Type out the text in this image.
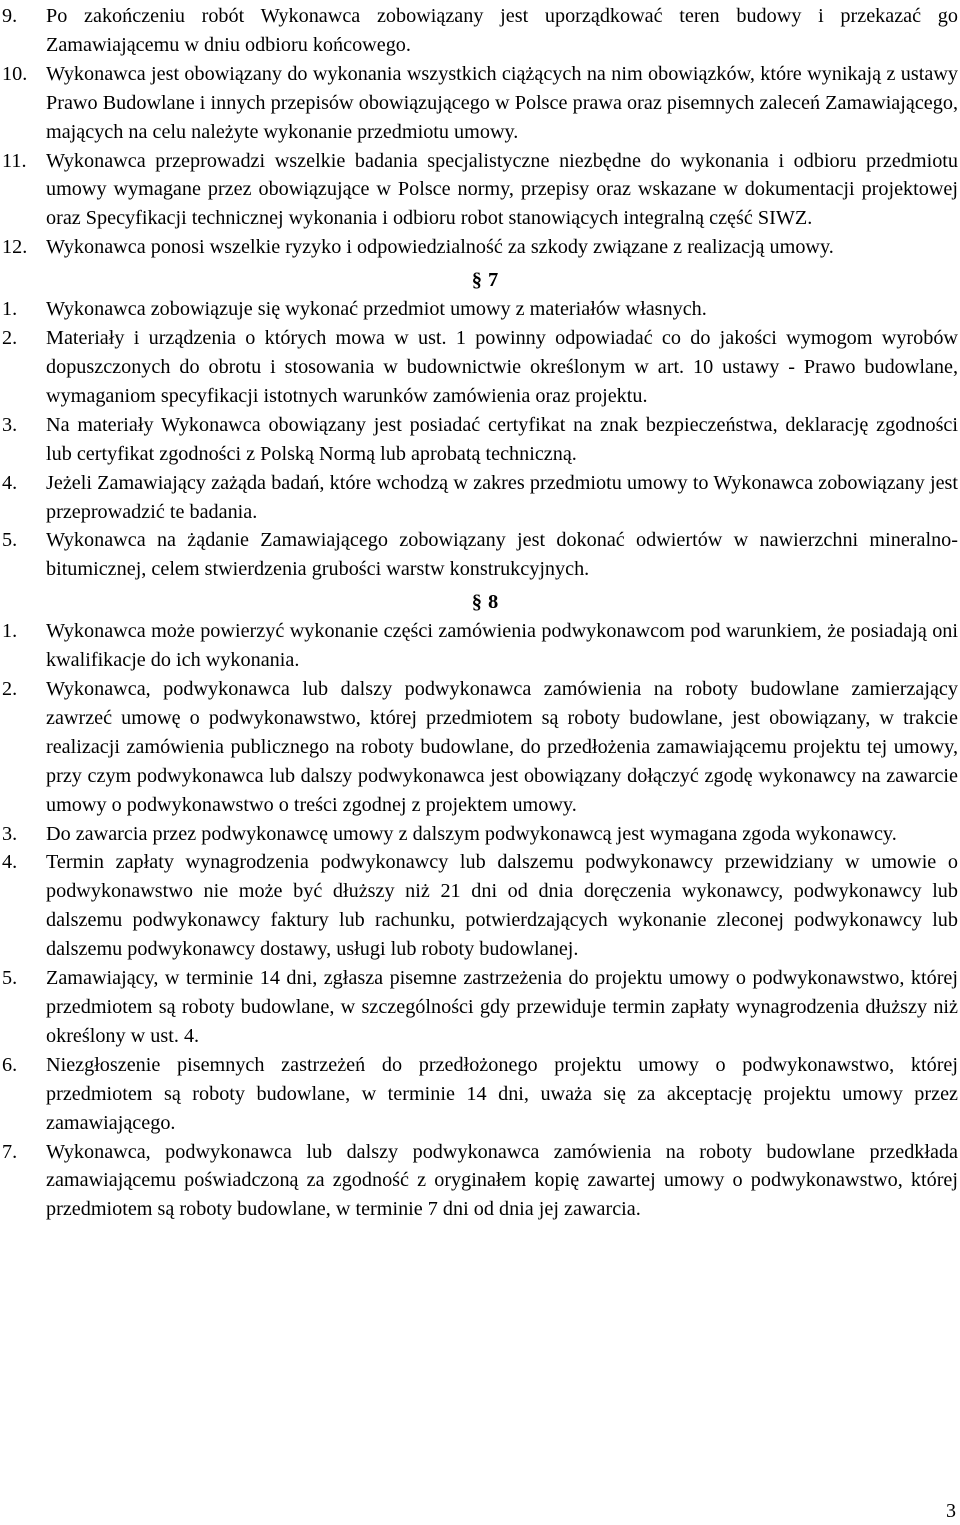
9.	Po zakończeniu robót Wykonawca zobowiązany jest uporządkować teren budowy i przekazać go Zamawiającemu w dniu odbioru końcowego.
10. Wykonawca jest obowiązany do wykonania wszystkich ciążących na nim obowiązków, które wynikają z ustawy Prawo Budowlane i innych przepisów obowiązującego w Polsce prawa oraz pisemnych zaleceń Zamawiającego, mających na celu należyte wykonanie przedmiotu umowy.
11. Wykonawca przeprowadzi wszelkie badania specjalistyczne niezbędne do wykonania i odbioru przedmiotu umowy wymagane przez obowiązujące w Polsce normy, przepisy oraz wskazane w dokumentacji projektowej oraz Specyfikacji technicznej wykonania i odbioru robot stanowiących integralną część SIWZ.
12. Wykonawca ponosi wszelkie ryzyko i odpowiedzialność za szkody związane z realizacją umowy.
§ 7
1.	Wykonawca zobowiązuje się wykonać przedmiot umowy z materiałów własnych.
2.	Materiały i urządzenia o których mowa w ust. 1 powinny odpowiadać co do jakości wymogom wyrobów dopuszczonych do obrotu i stosowania w budownictwie określonym w art. 10 ustawy - Prawo budowlane, wymaganiom specyfikacji istotnych warunków zamówienia oraz projektu.
3.	Na materiały Wykonawca obowiązany jest posiadać certyfikat na znak bezpieczeństwa, deklarację zgodności lub certyfikat zgodności z Polską Normą lub aprobatą techniczną.
4.	Jeżeli Zamawiający zażąda badań, które wchodzą w zakres przedmiotu umowy to Wykonawca zobowiązany jest przeprowadzić te badania.
5.	Wykonawca na żądanie Zamawiającego zobowiązany jest dokonać odwiertów w nawierzchni mineralno-bitumicznej, celem stwierdzenia grubości warstw konstrukcyjnych.
§ 8
1.	Wykonawca może powierzyć wykonanie części zamówienia podwykonawcom pod warunkiem, że posiadają oni kwalifikacje do ich wykonania.
2.	Wykonawca, podwykonawca lub dalszy podwykonawca zamówienia na roboty budowlane zamierzający zawrzeć umowę o podwykonawstwo, której przedmiotem są roboty budowlane, jest obowiązany, w trakcie realizacji zamówienia publicznego na roboty budowlane, do przedłożenia zamawiającemu projektu tej umowy, przy czym podwykonawca lub dalszy podwykonawca jest obowiązany dołączyć zgodę wykonawcy na zawarcie umowy o podwykonawstwo o treści zgodnej z projektem umowy.
3.	Do zawarcia przez podwykonawcę umowy z dalszym podwykonawcą jest wymagana zgoda wykonawcy.
4.	Termin zapłaty wynagrodzenia podwykonawcy lub dalszemu podwykonawcy przewidziany w umowie o podwykonawstwo nie może być dłuższy niż 21 dni od dnia doręczenia wykonawcy, podwykonawcy lub dalszemu podwykonawcy faktury lub rachunku, potwierdzających wykonanie zleconej podwykonawcy lub dalszemu podwykonawcy dostawy, usługi lub roboty budowlanej.
5.	Zamawiający, w terminie 14 dni, zgłasza pisemne zastrzeżenia do projektu umowy o podwykonawstwo, której przedmiotem są roboty budowlane, w szczególności gdy przewiduje termin zapłaty wynagrodzenia dłuższy niż określony w ust. 4.
6.	Niezgłoszenie pisemnych zastrzeżeń do przedłożonego projektu umowy o podwykonawstwo, której przedmiotem są roboty budowlane, w terminie 14 dni, uważa się za akceptację projektu umowy przez zamawiającego.
7.	Wykonawca, podwykonawca lub dalszy podwykonawca zamówienia na roboty budowlane przedkłada zamawiającemu poświadczoną za zgodność z oryginałem kopię zawartej umowy o podwykonawstwo, której przedmiotem są roboty budowlane, w terminie 7 dni od dnia jej zawarcia.
3
